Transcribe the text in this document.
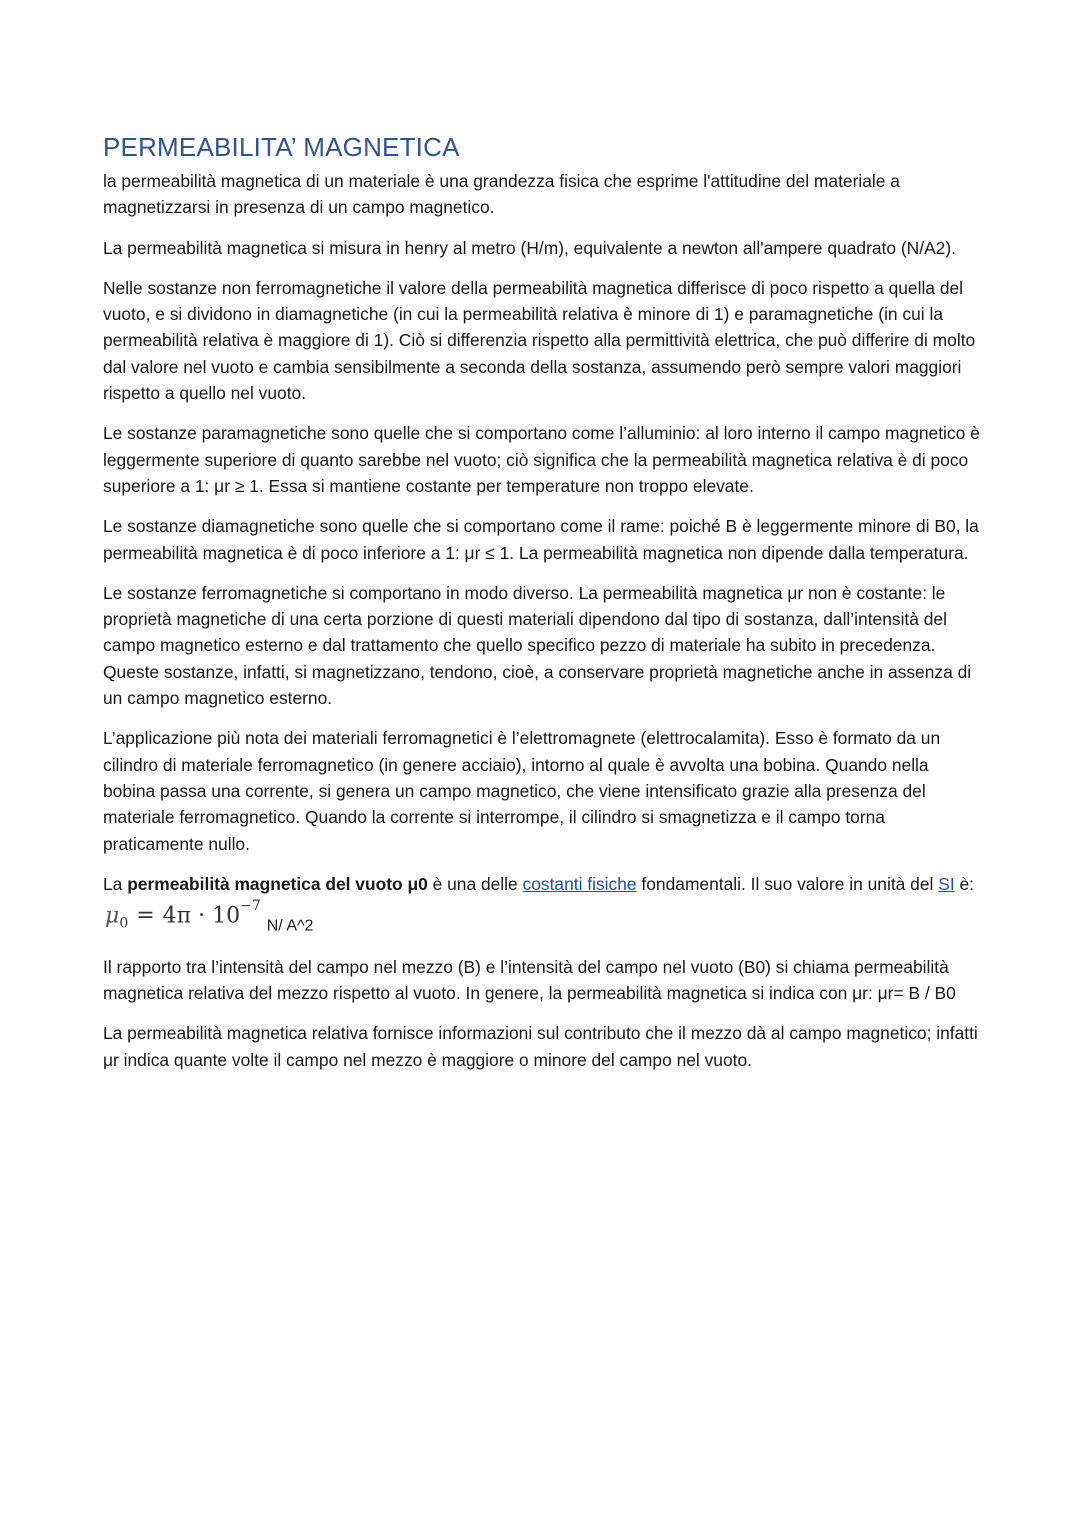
PERMEABILITA’ MAGNETICA

la permeabilità magnetica di un materiale è una grandezza fisica che esprime l'attitudine del materiale a magnetizzarsi in presenza di un campo magnetico.

La permeabilità magnetica si misura in henry al metro (H/m), equivalente a newton all'ampere quadrato (N/A2).

Nelle sostanze non ferromagnetiche il valore della permeabilità magnetica differisce di poco rispetto a quella del vuoto, e si dividono in diamagnetiche (in cui la permeabilità relativa è minore di 1) e paramagnetiche (in cui la permeabilità relativa è maggiore di 1). Ciò si differenzia rispetto alla permittività elettrica, che può differire di molto dal valore nel vuoto e cambia sensibilmente a seconda della sostanza, assumendo però sempre valori maggiori rispetto a quello nel vuoto.

Le sostanze paramagnetiche sono quelle che si comportano come l’alluminio: al loro interno il campo magnetico è leggermente superiore di quanto sarebbe nel vuoto; ciò significa che la permeabilità magnetica relativa è di poco superiore a 1: μr ≥ 1. Essa si mantiene costante per temperature non troppo elevate.

Le sostanze diamagnetiche sono quelle che si comportano come il rame: poiché B è leggermente minore di B0, la permeabilità magnetica è di poco inferiore a 1: μr ≤ 1. La permeabilità magnetica non dipende dalla temperatura.

Le sostanze ferromagnetiche si comportano in modo diverso. La permeabilità magnetica μr non è costante: le proprietà magnetiche di una certa porzione di questi materiali dipendono dal tipo di sostanza, dall’intensità del campo magnetico esterno e dal trattamento che quello specifico pezzo di materiale ha subito in precedenza. Queste sostanze, infatti, si magnetizzano, tendono, cioè, a conservare proprietà magnetiche anche in assenza di un campo magnetico esterno.

L’applicazione più nota dei materiali ferromagnetici è l’elettromagnete (elettrocalamita). Esso è formato da un cilindro di materiale ferromagnetico (in genere acciaio), intorno al quale è avvolta una bobina. Quando nella bobina passa una corrente, si genera un campo magnetico, che viene intensificato grazie alla presenza del materiale ferromagnetico. Quando la corrente si interrompe, il cilindro si smagnetizza e il campo torna praticamente nullo.

La permeabilità magnetica del vuoto μ0 è una delle costanti fisiche fondamentali. Il suo valore in unità del SI è: $\mu_0 = 4\pi \cdot 10^{-7}N/$ A^2

Il rapporto tra l’intensità del campo nel mezzo (B) e l’intensità del campo nel vuoto (B0) si chiama permeabilità magnetica relativa del mezzo rispetto al vuoto. In genere, la permeabilità magnetica si indica con μr: μr= B / B0

La permeabilità magnetica relativa fornisce informazioni sul contributo che il mezzo dà al campo magnetico; infatti μr indica quante volte il campo nel mezzo è maggiore o minore del campo nel vuoto.
